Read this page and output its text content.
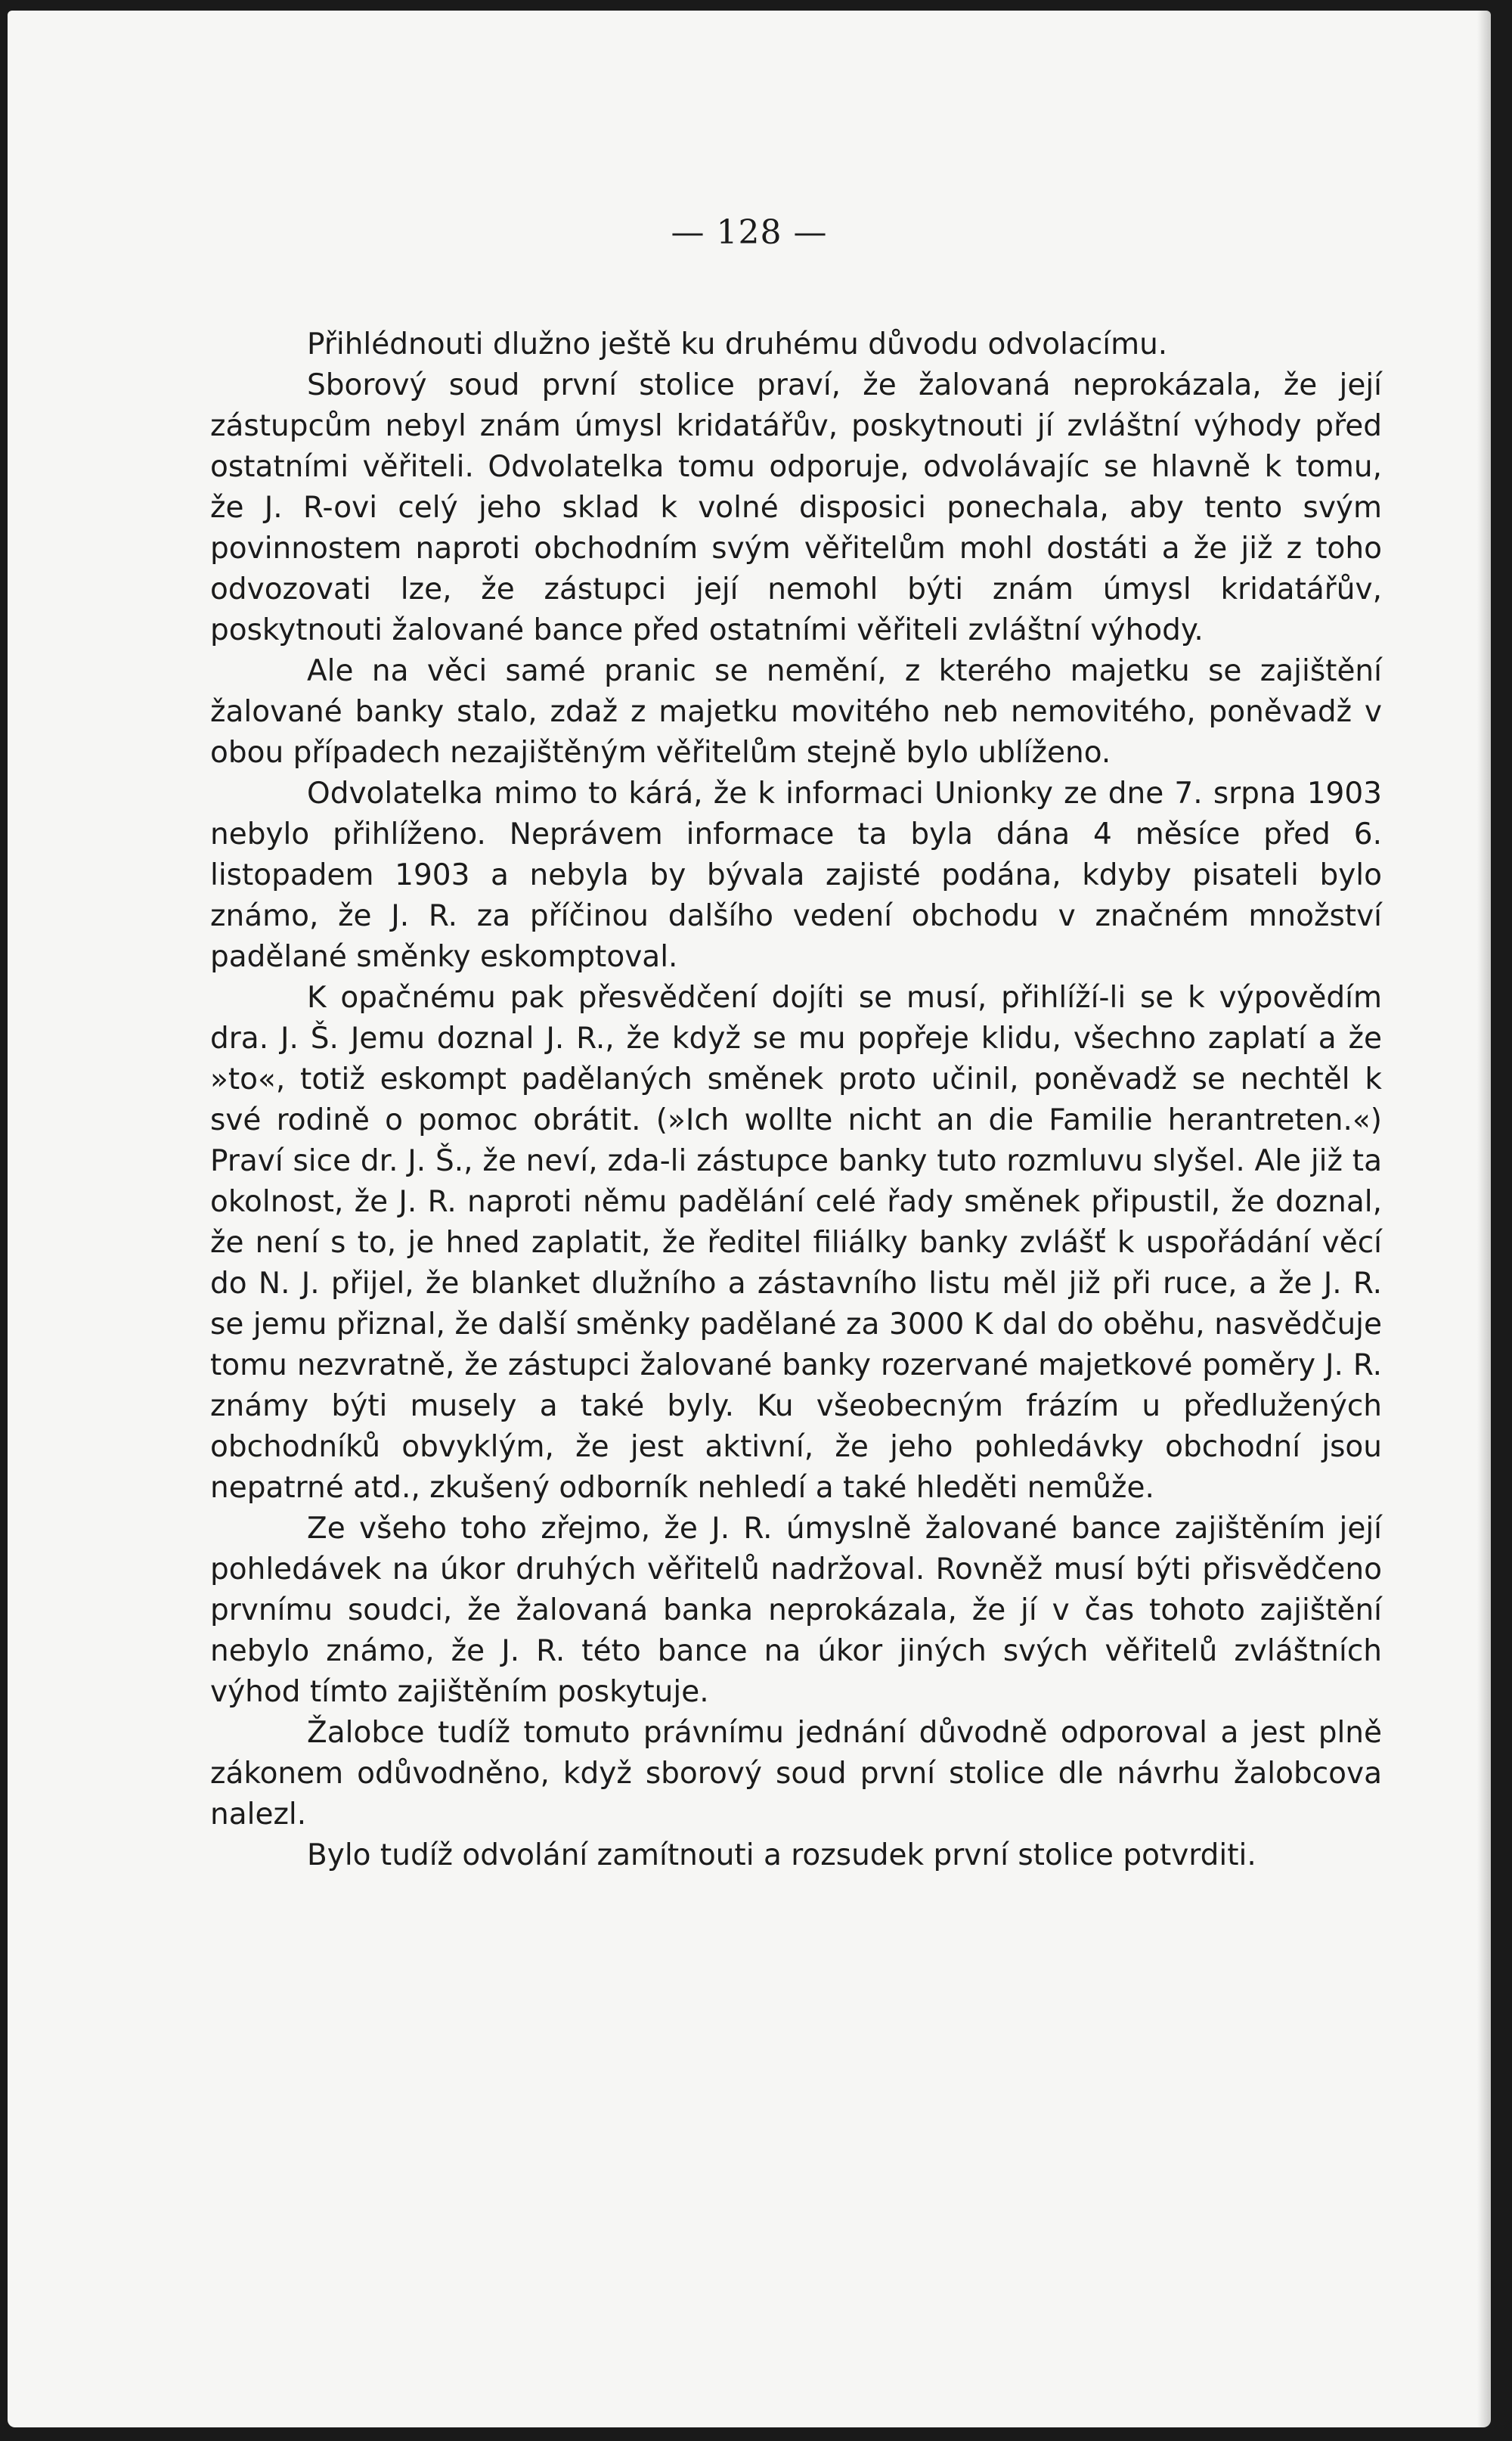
— 128 —

Přihlédnouti dlužno ještě ku druhému důvodu odvolacímu.

Sborový soud první stolice praví, že žalovaná neprokázala, že její zástupcům nebyl znám úmysl kridatářův, poskytnouti jí zvláštní výhody před ostatními věřiteli. Odvolatelka tomu odporuje, odvolávajíc se hlavně k tomu, že J. R-ovi celý jeho sklad k volné disposici ponechala, aby tento svým povinnostem naproti obchodním svým věřitelům mohl dostáti a že již z toho odvozovati lze, že zástupci její nemohl býti znám úmysl kridatářův, poskytnouti žalované bance před ostatními věřiteli zvláštní výhody.

Ale na věci samé pranic se nemění, z kterého majetku se zajištění žalované banky stalo, zdaž z majetku movitého neb nemovitého, poněvadž v obou případech nezajištěným věřitelům stejně bylo ublíženo.

Odvolatelka mimo to kárá, že k informaci Unionky ze dne 7. srpna 1903 nebylo přihlíženo. Neprávem informace ta byla dána 4 měsíce před 6. listopadem 1903 a nebyla by bývala zajisté podána, kdyby pisateli bylo známo, že J. R. za příčinou dalšího vedení obchodu v značném množství padělané směnky eskomptoval.

K opačnému pak přesvědčení dojíti se musí, přihlíží-li se k výpovědím dra. J. Š. Jemu doznal J. R., že když se mu popřeje klidu, všechno zaplatí a že »to«, totiž eskompt padělaných směnek proto učinil, poněvadž se nechtěl k své rodině o pomoc obrátit. (»Ich wollte nicht an die Familie herantreten.«) Praví sice dr. J. Š., že neví, zda-li zástupce banky tuto rozmluvu slyšel. Ale již ta okolnost, že J. R. naproti němu padělání celé řady směnek připustil, že doznal, že není s to, je hned zaplatit, že ředitel filiálky banky zvlášť k uspořádání věcí do N. J. přijel, že blanket dlužního a zástavního listu měl již při ruce, a že J. R. se jemu přiznal, že další směnky padělané za 3000 K dal do oběhu, nasvědčuje tomu nezvratně, že zástupci žalované banky rozervané majetkové poměry J. R. známy býti musely a také byly. Ku všeobecným frázím u předlužených obchodníků obvyklým, že jest aktivní, že jeho pohledávky obchodní jsou nepatrné atd., zkušený odborník nehledí a také hleděti nemůže.

Ze všeho toho zřejmo, že J. R. úmyslně žalované bance zajištěním její pohledávek na úkor druhých věřitelů nadržoval. Rovněž musí býti přisvědčeno prvnímu soudci, že žalovaná banka neprokázala, že jí v čas tohoto zajištění nebylo známo, že J. R. této bance na úkor jiných svých věřitelů zvláštních výhod tímto zajištěním poskytuje.

Žalobce tudíž tomuto právnímu jednání důvodně odporoval a jest plně zákonem odůvodněno, když sborový soud první stolice dle návrhu žalobcova nalezl.

Bylo tudíž odvolání zamítnouti a rozsudek první stolice potvrditi.
